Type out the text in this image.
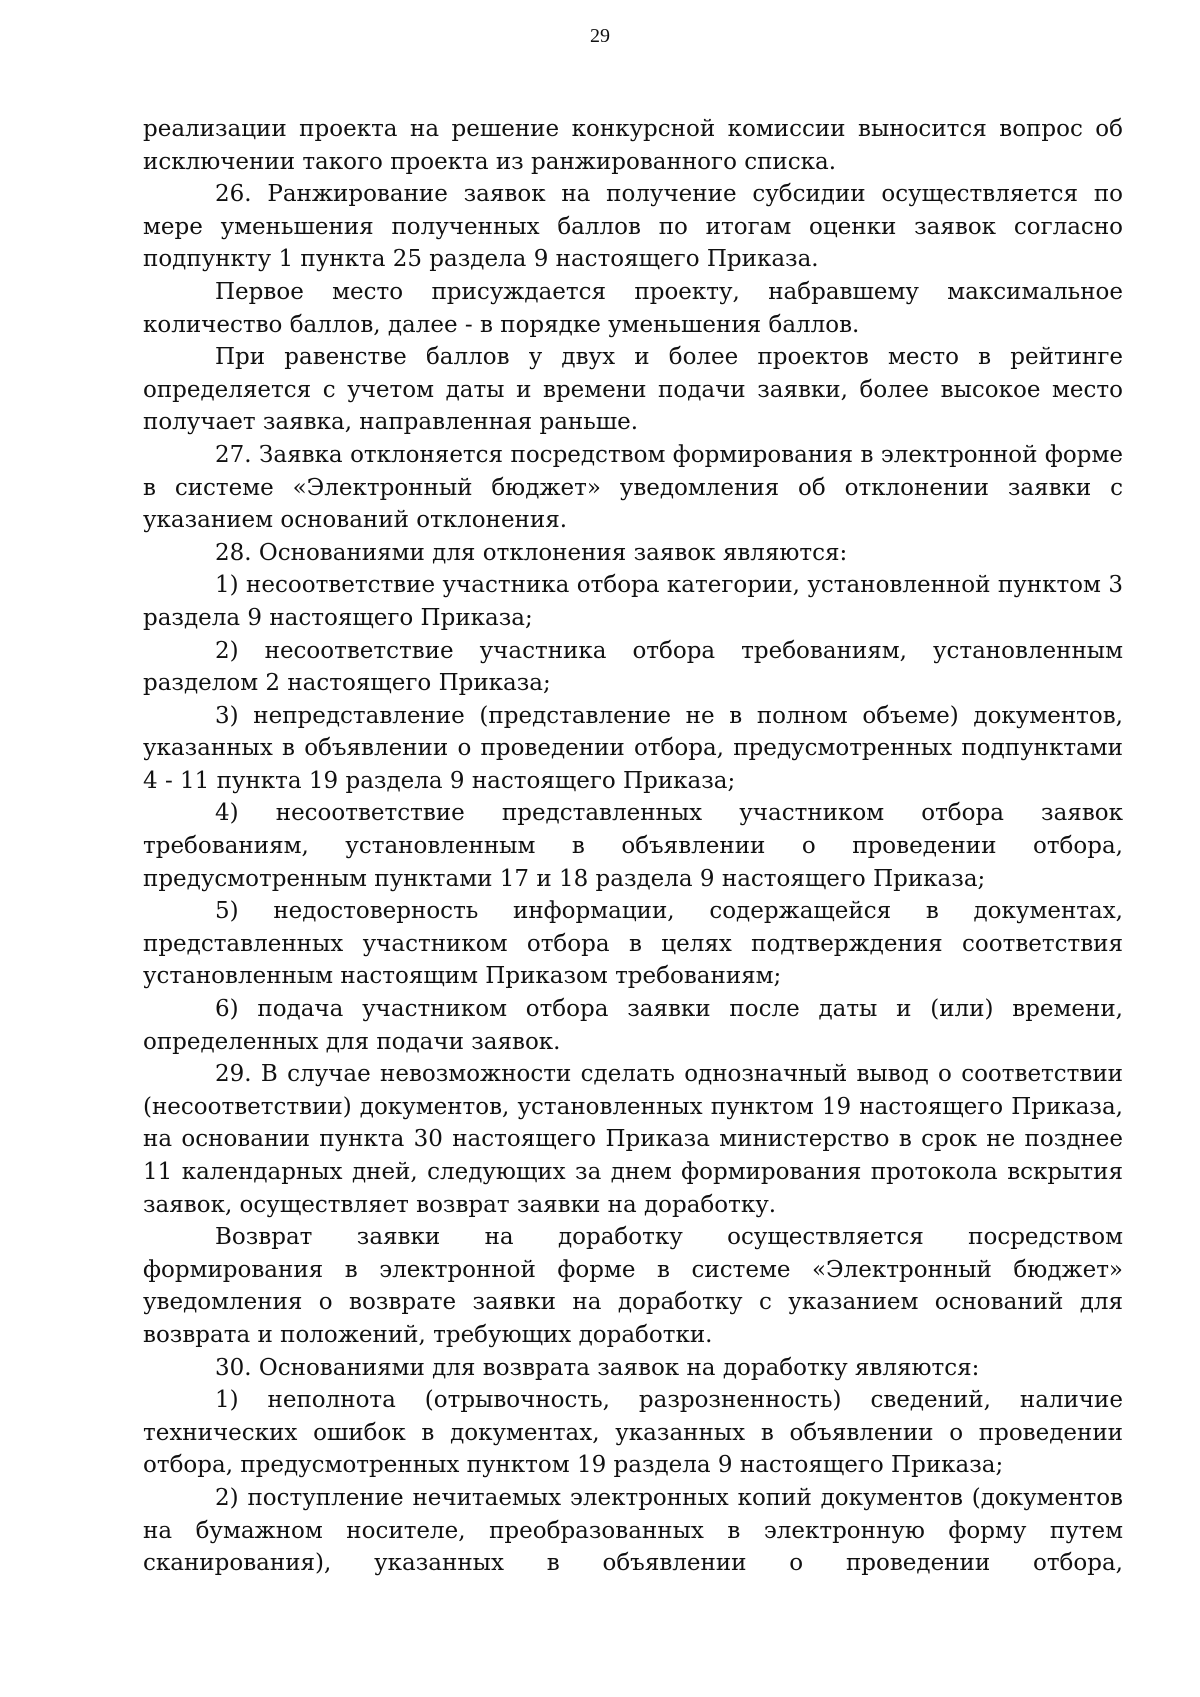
29

реализации проекта на решение конкурсной комиссии выносится вопрос об исключении такого проекта из ранжированного списка.

26. Ранжирование заявок на получение субсидии осуществляется по мере уменьшения полученных баллов по итогам оценки заявок согласно подпункту 1 пункта 25 раздела 9 настоящего Приказа.

Первое место присуждается проекту, набравшему максимальное количество баллов, далее - в порядке уменьшения баллов.

При равенстве баллов у двух и более проектов место в рейтинге определяется с учетом даты и времени подачи заявки, более высокое место получает заявка, направленная раньше.

27. Заявка отклоняется посредством формирования в электронной форме в системе «Электронный бюджет» уведомления об отклонении заявки с указанием оснований отклонения.

28. Основаниями для отклонения заявок являются:

1) несоответствие участника отбора категории, установленной пунктом 3 раздела 9 настоящего Приказа;

2) несоответствие участника отбора требованиям, установленным разделом 2 настоящего Приказа;

3) непредставление (представление не в полном объеме) документов, указанных в объявлении о проведении отбора, предусмотренных подпунктами 4 - 11 пункта 19 раздела 9 настоящего Приказа;

4) несоответствие представленных участником отбора заявок требованиям, установленным в объявлении о проведении отбора, предусмотренным пунктами 17 и 18 раздела 9 настоящего Приказа;

5) недостоверность информации, содержащейся в документах, представленных участником отбора в целях подтверждения соответствия установленным настоящим Приказом требованиям;

6) подача участником отбора заявки после даты и (или) времени, определенных для подачи заявок.

29. В случае невозможности сделать однозначный вывод о соответствии (несоответствии) документов, установленных пунктом 19 настоящего Приказа, на основании пункта 30 настоящего Приказа министерство в срок не позднее 11 календарных дней, следующих за днем формирования протокола вскрытия заявок, осуществляет возврат заявки на доработку.

Возврат заявки на доработку осуществляется посредством формирования в электронной форме в системе «Электронный бюджет» уведомления о возврате заявки на доработку с указанием оснований для возврата и положений, требующих доработки.

30. Основаниями для возврата заявок на доработку являются:

1) неполнота (отрывочность, разрозненность) сведений, наличие технических ошибок в документах, указанных в объявлении о проведении отбора, предусмотренных пунктом 19 раздела 9 настоящего Приказа;

2) поступление нечитаемых электронных копий документов (документов на бумажном носителе, преобразованных в электронную форму путем сканирования), указанных в объявлении о проведении отбора,
